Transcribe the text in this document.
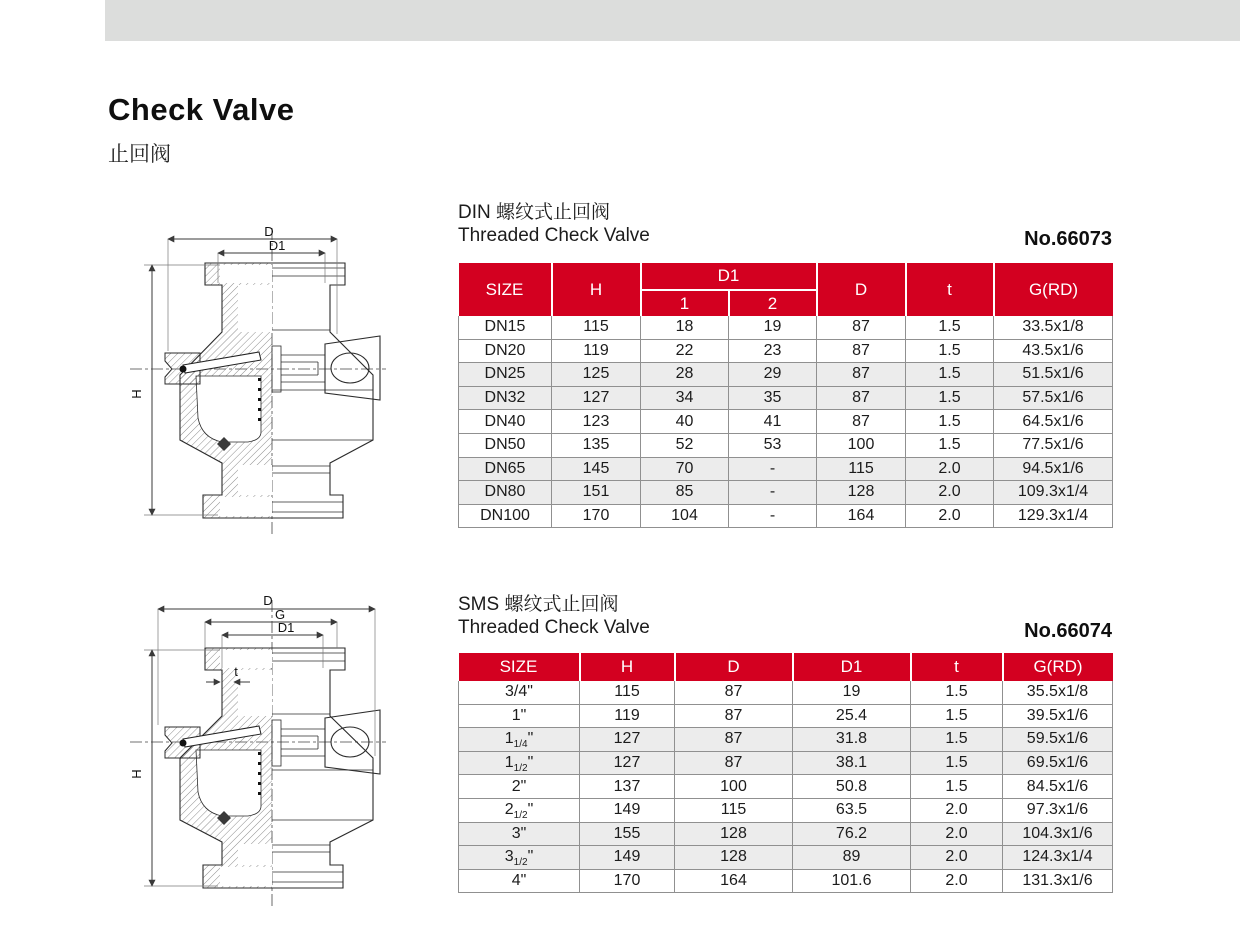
Check Valve
止回阀
D
D1
H
DIN 螺纹式止回阀
Threaded Check Valve	No.66073
SIZE	H	D1		D	t	G(RD)
		1	2			
DN15	115	18	19	87	1.5	33.5x1/8
DN20	119	22	23	87	1.5	43.5x1/6
DN25	125	28	29	87	1.5	51.5x1/6
DN32	127	34	35	87	1.5	57.5x1/6
DN40	123	40	41	87	1.5	64.5x1/6
DN50	135	52	53	100	1.5	77.5x1/6
DN65	145	70	-	115	2.0	94.5x1/6
DN80	151	85	-	128	2.0	109.3x1/4
DN100	170	104	-	164	2.0	129.3x1/4
D
G
D1
t
H
SMS 螺纹式止回阀
Threaded Check Valve	No.66074
SIZE	H	D	D1	t	G(RD)
3/4"	115	87	19	1.5	35.5x1/8
1"	119	87	25.4	1.5	39.5x1/6
$1_{1/4}$"	127	87	31.8	1.5	59.5x1/6
$1_{1/2}$"	127	87	38.1	1.5	69.5x1/6
2"	137	100	50.8	1.5	84.5x1/6
$2_{1/2}$"	149	115	63.5	2.0	97.3x1/6
3"	155	128	76.2	2.0	104.3x1/6
$3_{1/2}$"	149	128	89	2.0	124.3x1/4
4"	170	164	101.6	2.0	131.3x1/6
